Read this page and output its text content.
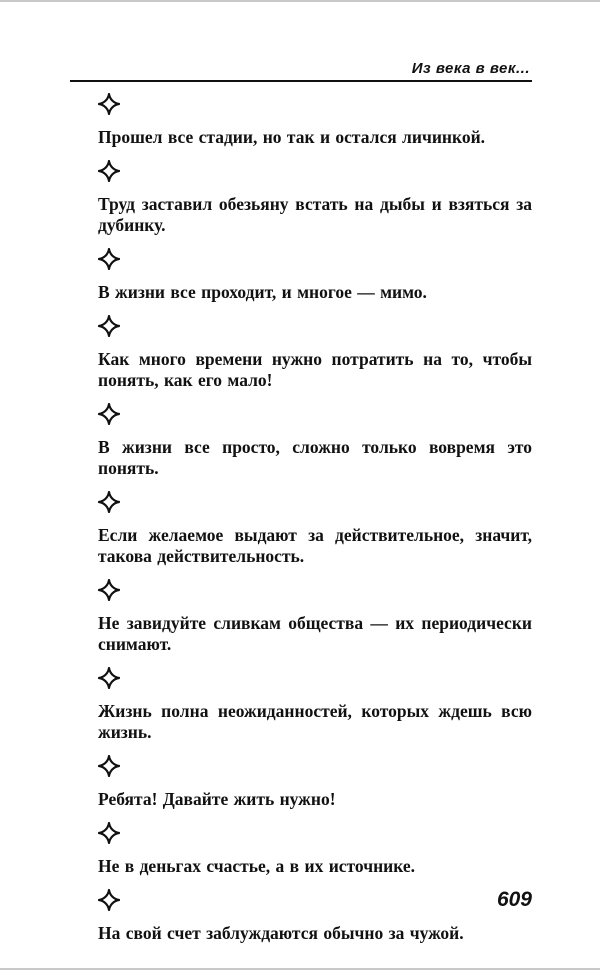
Из века в век...

Прошел все стадии, но так и остался личинкой.

Труд заставил обезьяну встать на дыбы и взяться за дубинку.

В жизни все проходит, и многое — мимо.

Как много времени нужно потратить на то, чтобы понять, как его мало!

В жизни все просто, сложно только вовремя это понять.

Если желаемое выдают за действительное, значит, такова действительность.

Не завидуйте сливкам общества — их периодически снимают.

Жизнь полна неожиданностей, которых ждешь всю жизнь.

Ребята! Давайте жить нужно!

Не в деньгах счастье, а в их источнике.

На свой счет заблуждаются обычно за чужой.

609
